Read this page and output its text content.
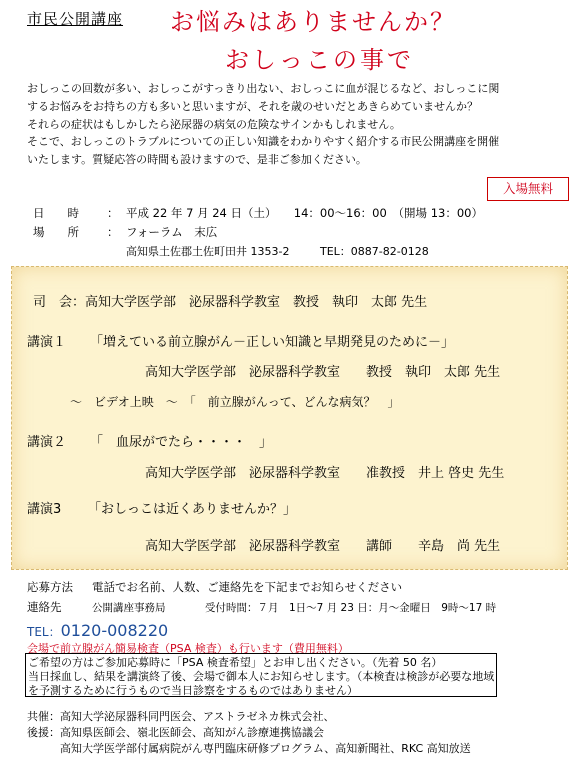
市民公開講座 お悩みはありませんか？
おしっこの事で

おしっこの回数が多い、おしっこがすっきり出ない、おしっこに血が混じるなど、おしっこに関

するお悩みをお持ちの方も多いと思いますが、それを歳のせいだとあきらめていませんか？

それらの症状はもしかしたら泌尿器の病気の危険なサインかもしれません。

そこで、おしっこのトラブルについての正しい知識をわかりやすく紹介する市民公開講座を開催

いたします。質疑応答の時間も設けますので、是非ご参加ください。

入場無料
日　　時 ： 平成 22 年 7 月 24 日（土）　　14：00～16：00　（開場 13：00）
場　　所 ： フォーラム　末広
高知県土佐郡土佐町田井 1353-2	TEL：0887-82-0128
司　会：高知大学医学部　泌尿器科学教室　教授　執印　太郎 先生
講演１ 「増えている前立腺がん－正しい知識と早期発見のために－」
高知大学医学部　泌尿器科学教室　　教授　執印　太郎 先生
～　ビデオ上映　～　「　前立腺がんって、どんな病気？　」
講演２ 「　血尿がでたら・・・・　」
高知大学医学部　泌尿器科学教室　　准教授　井上 啓史 先生
講演3 「おしっこは近くありませんか？」
高知大学医学部　泌尿器科学教室　　講師　　辛島　尚 先生
応募方法 電話でお名前、人数、ご連絡先を下記までお知らせください
連絡先	公開講座事務局	受付時間：７月　1日～7 月 23 日：月～金曜日　9時～17 時
TEL：0120-008220
会場で前立腺がん簡易検査（PSA 検査）も行います（費用無料）
ご希望の方はご参加応募時に「PSA 検査希望」とお申し出ください。（先着 50 名）
当日採血し、結果を講演終了後、会場で御本人にお知らせします。（本検査は検診が必要な地域
を予測するために行うもので当日診察をするものではありません）
共催： 高知大学泌尿器科同門医会、アストラゼネカ株式会社、
後援： 高知県医師会、嶺北医師会、高知がん診療連携協議会
高知大学医学部付属病院がん専門臨床研修プログラム、高知新聞社、RKC 高知放送
